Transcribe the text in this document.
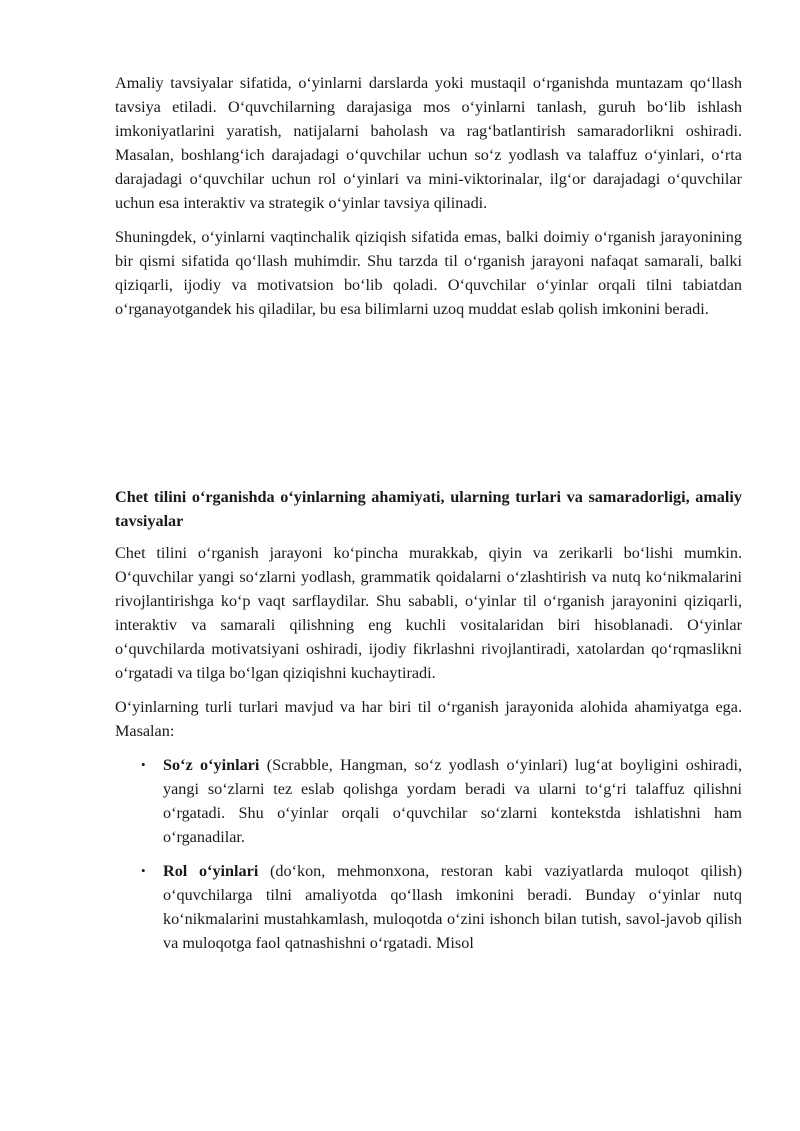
Amaliy tavsiyalar sifatida, o‘yinlarni darslarda yoki mustaqil o‘rganishda muntazam qo‘llash tavsiya etiladi. O‘quvchilarning darajasiga mos o‘yinlarni tanlash, guruh bo‘lib ishlash imkoniyatlarini yaratish, natijalarni baholash va rag‘batlantirish samaradorlikni oshiradi. Masalan, boshlang‘ich darajadagi o‘quvchilar uchun so‘z yodlash va talaffuz o‘yinlari, o‘rta darajadagi o‘quvchilar uchun rol o‘yinlari va mini-viktorinalar, ilg‘or darajadagi o‘quvchilar uchun esa interaktiv va strategik o‘yinlar tavsiya qilinadi.

Shuningdek, o‘yinlarni vaqtinchalik qiziqish sifatida emas, balki doimiy o‘rganish jarayonining bir qismi sifatida qo‘llash muhimdir. Shu tarzda til o‘rganish jarayoni nafaqat samarali, balki qiziqarli, ijodiy va motivatsion bo‘lib qoladi. O‘quvchilar o‘yinlar orqali tilni tabiatdan o‘rganayotgandek his qiladilar, bu esa bilimlarni uzoq muddat eslab qolish imkonini beradi.

Chet tilini o‘rganishda o‘yinlarning ahamiyati, ularning turlari va samaradorligi, amaliy tavsiyalar

Chet tilini o‘rganish jarayoni ko‘pincha murakkab, qiyin va zerikarli bo‘lishi mumkin. O‘quvchilar yangi so‘zlarni yodlash, grammatik qoidalarni o‘zlashtirish va nutq ko‘nikmalarini rivojlantirishga ko‘p vaqt sarflaydilar. Shu sababli, o‘yinlar til o‘rganish jarayonini qiziqarli, interaktiv va samarali qilishning eng kuchli vositalaridan biri hisoblanadi. O‘yinlar o‘quvchilarda motivatsiyani oshiradi, ijodiy fikrlashni rivojlantiradi, xatolardan qo‘rqmaslikni o‘rgatadi va tilga bo‘lgan qiziqishni kuchaytiradi.

O‘yinlarning turli turlari mavjud va har biri til o‘rganish jarayonida alohida ahamiyatga ega. Masalan:

• So‘z o‘yinlari (Scrabble, Hangman, so‘z yodlash o‘yinlari) lug‘at boyligini oshiradi, yangi so‘zlarni tez eslab qolishga yordam beradi va ularni to‘g‘ri talaffuz qilishni o‘rgatadi. Shu o‘yinlar orqali o‘quvchilar so‘zlarni kontekstda ishlatishni ham o‘rganadilar.
• Rol o‘yinlari (do‘kon, mehmonxona, restoran kabi vaziyatlarda muloqot qilish) o‘quvchilarga tilni amaliyotda qo‘llash imkonini beradi. Bunday o‘yinlar nutq ko‘nikmalarini mustahkamlash, muloqotda o‘zini ishonch bilan tutish, savol-javob qilish va muloqotga faol qatnashishni o‘rgatadi. Misol
